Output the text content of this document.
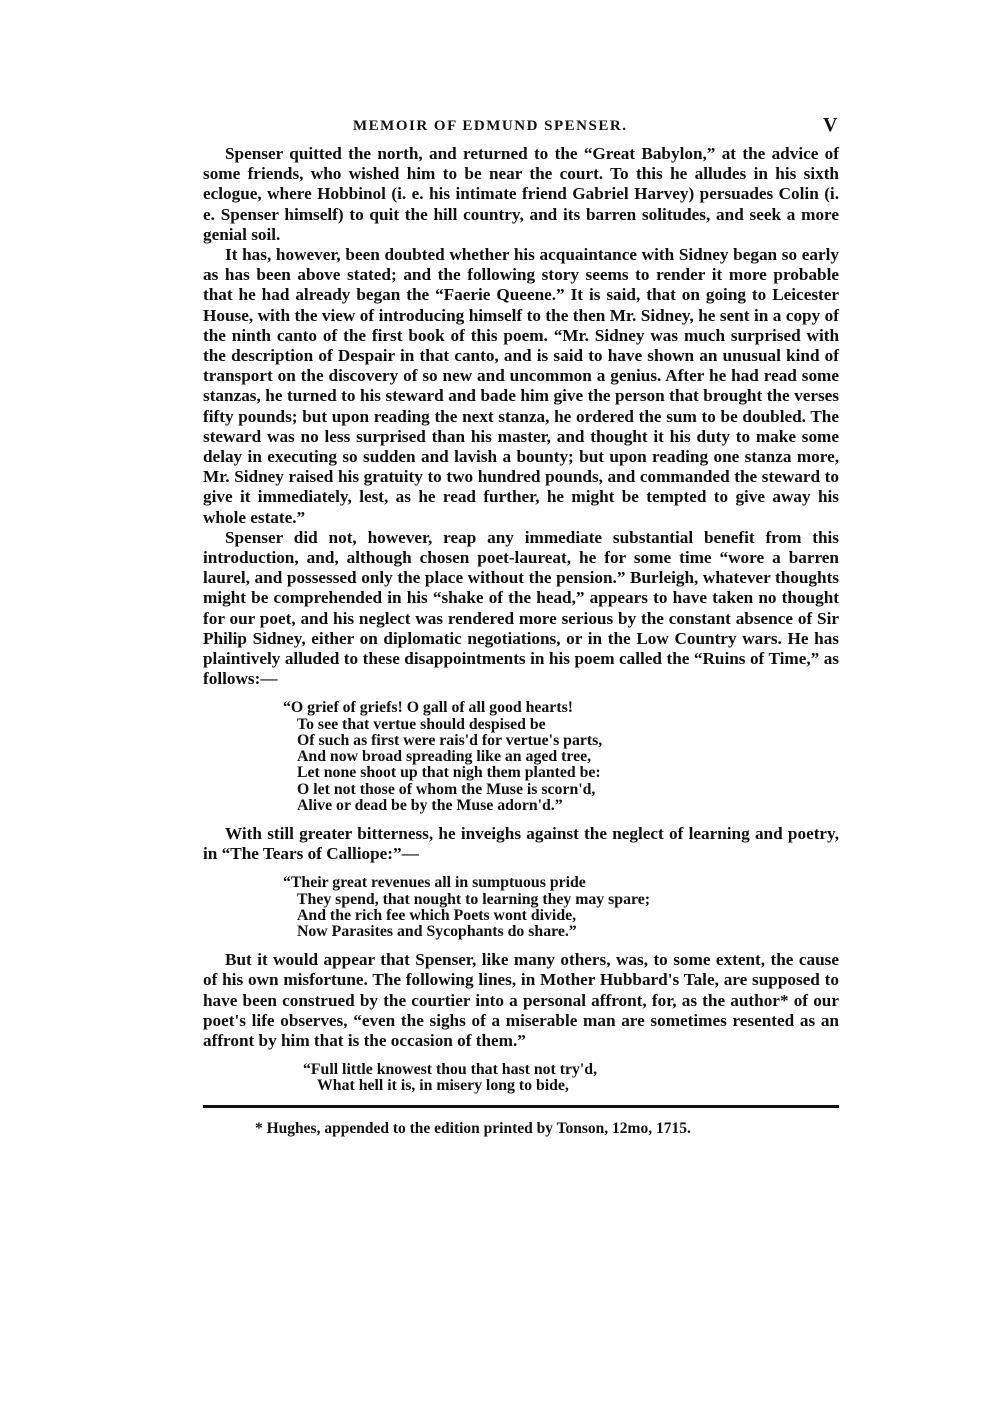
MEMOIR OF EDMUND SPENSER.	V

Spenser quitted the north, and returned to the “Great Babylon,” at the advice of some friends, who wished him to be near the court. To this he alludes in his sixth eclogue, where Hobbinol (i. e. his intimate friend Gabriel Harvey) persuades Colin (i. e. Spenser himself) to quit the hill country, and its barren solitudes, and seek a more genial soil.

It has, however, been doubted whether his acquaintance with Sidney began so early as has been above stated; and the following story seems to render it more probable that he had already began the “Faerie Queene.” It is said, that on going to Leicester House, with the view of introducing himself to the then Mr. Sidney, he sent in a copy of the ninth canto of the first book of this poem. “Mr. Sidney was much surprised with the description of Despair in that canto, and is said to have shown an unusual kind of transport on the discovery of so new and uncommon a genius. After he had read some stanzas, he turned to his steward and bade him give the person that brought the verses fifty pounds; but upon reading the next stanza, he ordered the sum to be doubled. The steward was no less surprised than his master, and thought it his duty to make some delay in executing so sudden and lavish a bounty; but upon reading one stanza more, Mr. Sidney raised his gratuity to two hundred pounds, and commanded the steward to give it immediately, lest, as he read further, he might be tempted to give away his whole estate.”

Spenser did not, however, reap any immediate substantial benefit from this introduction, and, although chosen poet-laureat, he for some time “wore a barren laurel, and possessed only the place without the pension.” Burleigh, whatever thoughts might be comprehended in his “shake of the head,” appears to have taken no thought for our poet, and his neglect was rendered more serious by the constant absence of Sir Philip Sidney, either on diplomatic negotiations, or in the Low Country wars. He has plaintively alluded to these disappointments in his poem called the “Ruins of Time,” as follows:—

“O grief of griefs! O gall of all good hearts!
To see that vertue should despised be
Of such as first were rais'd for vertue's parts,
And now broad spreading like an aged tree,
Let none shoot up that nigh them planted be:
O let not those of whom the Muse is scorn'd,
Alive or dead be by the Muse adorn'd.”

With still greater bitterness, he inveighs against the neglect of learning and poetry, in “The Tears of Calliope:”—

“Their great revenues all in sumptuous pride
They spend, that nought to learning they may spare;
And the rich fee which Poets wont divide,
Now Parasites and Sycophants do share.”

But it would appear that Spenser, like many others, was, to some extent, the cause of his own misfortune. The following lines, in Mother Hubbard's Tale, are supposed to have been construed by the courtier into a personal affront, for, as the author* of our poet's life observes, “even the sighs of a miserable man are sometimes resented as an affront by him that is the occasion of them.”

“Full little knowest thou that hast not try'd,
What hell it is, in misery long to bide,
* Hughes, appended to the edition printed by Tonson, 12mo, 1715.
